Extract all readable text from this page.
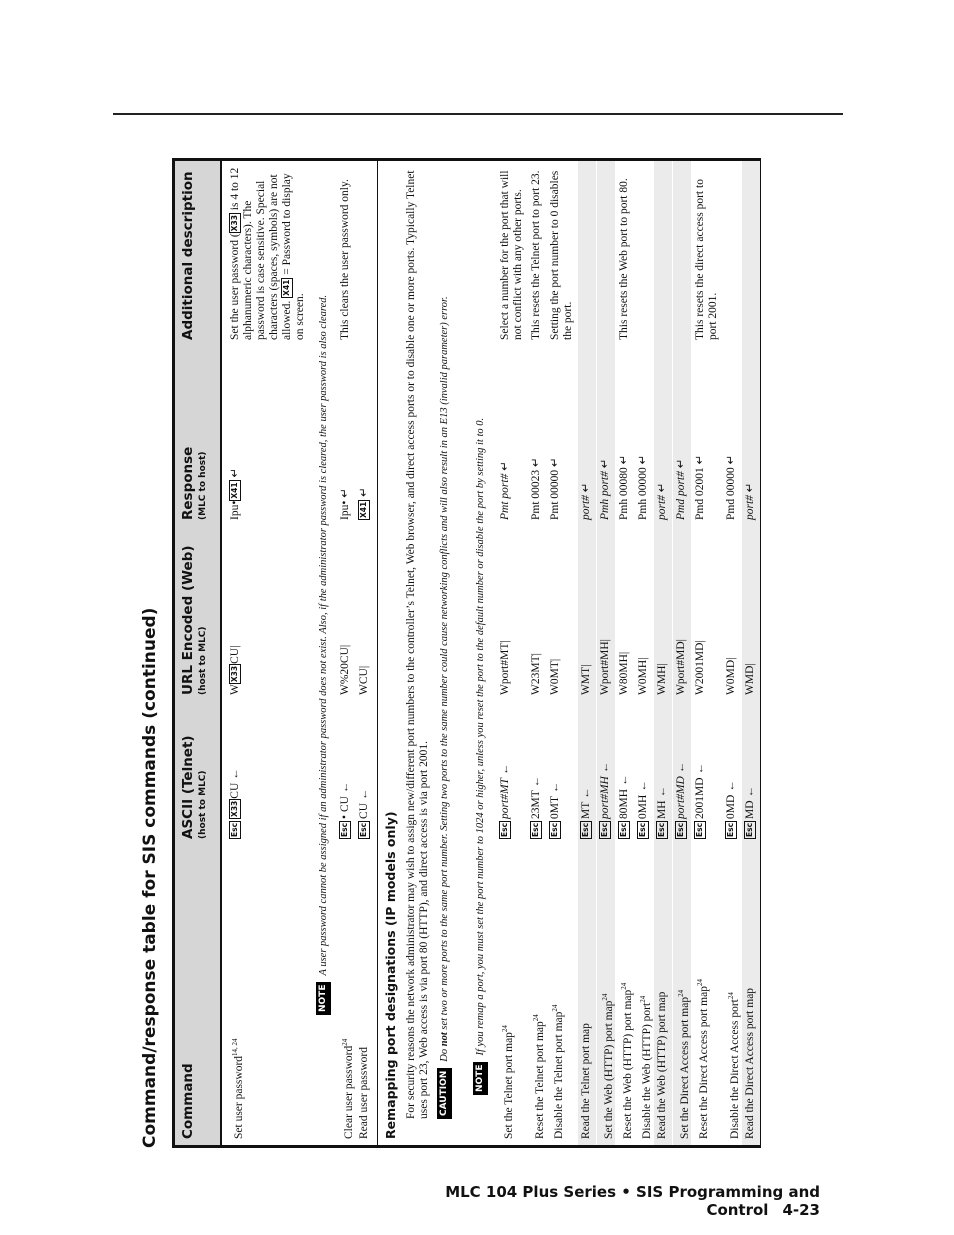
Command/response table for SIS commands (continued) Command
ASCII (Telnet) (host to MLC)
URL Encoded (Web) (host to MLC)
Response (MLC to host)
Additional description
Set user password$^{14, 24}$
EscX33CU ←
WX33CU|
Ipu•X41 ↵
Set the user password (X33 is 4 to 12 alphanumeric characters). The password is case sensitive. Special characters (spaces, symbols) are not allowed. X41 = Password to display on screen.
NOTEA user password cannot be assigned if an administrator password does not exist. Also, if the administrator password is cleared, the user password is also cleared.
Clear user password$^{24}$
Esc• CU ←
W%20CU|
Ipu• ↵
This clears the user password only.
Read user password
EscCU ←
WCU|
X41 ↵
Remapping port designations (IP models only) For security reasons the network administrator may wish to assign new/different port numbers to the controller’s Telnet, Web browser, and direct access ports or to disable one or more ports. Typically Telnet uses port 23, Web access is via port 80 (HTTP), and direct access is via port 2001. CAUTIONDo not set two or more ports to the same port number. Setting two ports to the same number could cause networking conflicts and will also result in an E13 (invalid parameter) error.
NOTEIf you remap a port, you must set the port number to 1024 or higher, unless you reset the port to the default number or disable the port by setting it to 0.
Set the Telnet port map$^{24}$
Escport#MT ←
Wport#MT|
Pmt port# ↵
Select a number for the port that will not conflict with any other ports.
Reset the Telnet port map$^{24}$
Esc23MT ←
W23MT|
Pmt 00023 ↵
This resets the Telnet port to port 23.
Disable the Telnet port map$^{24}$
Esc0MT ←
W0MT|
Pmt 00000 ↵
Setting the port number to 0 disables the port.
Read the Telnet port map
EscMT ←
WMT|
port# ↵
Set the Web (HTTP) port map$^{24}$
Escport#MH ←
Wport#MH|
Pmh port# ↵
Reset the Web (HTTP) port map$^{24}$
Esc80MH ←
W80MH|
Pmh 00080 ↵
This resets the Web port to port 80.
Disable the Web (HTTP) port$^{24}$
Esc0MH ←
W0MH|
Pmh 00000 ↵
Read the Web (HTTP) port map
EscMH ←
WMH|
port# ↵
Set the Direct Access port map$^{24}$
Escport#MD ←
Wport#MD|
Pmd port# ↵
Reset the Direct Access port map$^{24}$
Esc2001MD ←
W2001MD|
Pmd 02001 ↵
This resets the direct access port to port 2001.
Disable the Direct Access port$^{24}$
Esc0MD ←
W0MD|
Pmd 00000 ↵
Read the Direct Access port map
EscMD ←
WMD|
port# ↵
MLC 104 Plus Series • SIS Programming and Control 4-23
